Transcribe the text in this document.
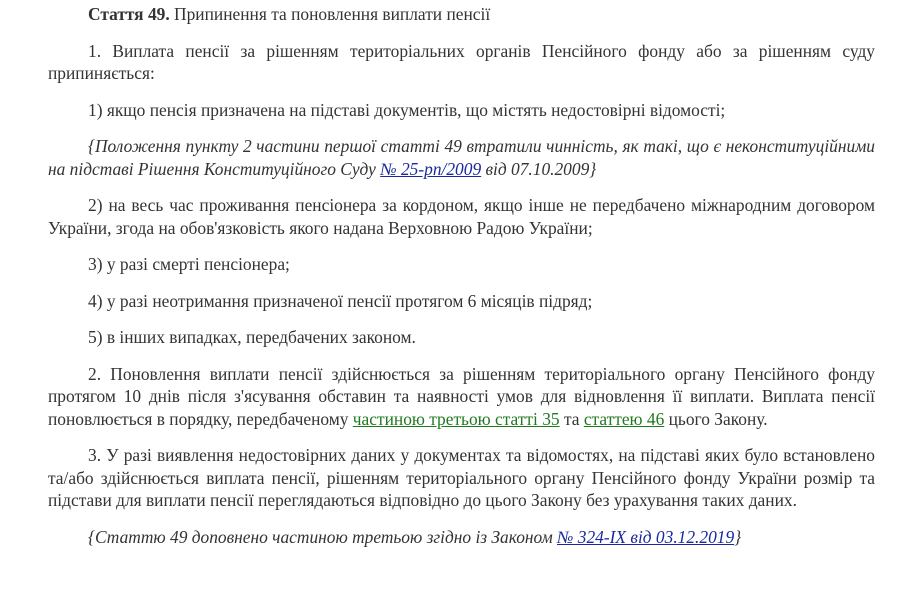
Стаття 49. Припинення та поновлення виплати пенсії

1. Виплата пенсії за рішенням територіальних органів Пенсійного фонду або за рішенням суду припиняється:

1) якщо пенсія призначена на підставі документів, що містять недостовірні відомості;

{Положення пункту 2 частини першої статті 49 втратили чинність, як такі, що є неконституційними на підставі Рішення Конституційного Суду № 25-рп/2009 від 07.10.2009}

2) на весь час проживання пенсіонера за кордоном, якщо інше не передбачено міжнародним договором України, згода на обов'язковість якого надана Верховною Радою України;

3) у разі смерті пенсіонера;

4) у разі неотримання призначеної пенсії протягом 6 місяців підряд;

5) в інших випадках, передбачених законом.

2. Поновлення виплати пенсії здійснюється за рішенням територіального органу Пенсійного фонду протягом 10 днів після з'ясування обставин та наявності умов для відновлення її виплати. Виплата пенсії поновлюється в порядку, передбаченому частиною третьою статті 35 та статтею 46 цього Закону.

3. У разі виявлення недостовірних даних у документах та відомостях, на підставі яких було встановлено та/або здійснюється виплата пенсії, рішенням територіального органу Пенсійного фонду України розмір та підстави для виплати пенсії переглядаються відповідно до цього Закону без урахування таких даних.

{Статтю 49 доповнено частиною третьою згідно із Законом № 324-IX від 03.12.2019}
